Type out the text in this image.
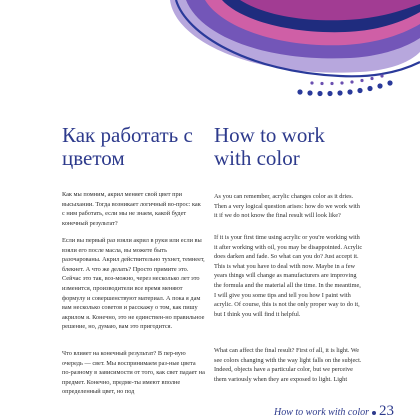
Как работать с цветом
How to work with color

Как мы помним, акрил меняет свой цвет при высыхании. Тогда возникает логичный во-прос: как с ним работать, если мы не знаем, какой будет конечный результат?

Если вы первый раз взяли акрил в руки или если вы взяли его после масла, вы можете быть разочарованы. Акрил действительно тухнет, темнеет, блекнет. А что же делать? Просто примите это. Сейчас это так, воз-можно, через несколько лет это изменится, производители все время меняют формулу и совершенствуют материал. А пока я дам вам несколько советов и расскажу о том, как пишу акрилом я. Конечно, это не единствен-но правильное решение, но, думаю, вам это пригодится.

Что влияет на конечный результат? В пер-вую очередь — свет. Мы воспринимаем раз-ные цвета по-разному в зависимости от того, как свет падает на предмет. Конечно, предме-ты имеют вполне определенный цвет, но под

As you can remember, acrylic changes color as it dries. Then a very logical question arises: how do we work with it if we do not know the final result will look like?

If it is your first time using acrylic or you're working with it after working with oil, you may be disappointed. Acrylic does darken and fade. So what can you do? Just accept it. This is what you have to deal with now. Maybe in a few years things will change as manufacturers are improving the formula and the material all the time. In the meantime, I will give you some tips and tell you how I paint with acrylic. Of course, this is not the only proper way to do it, but I think you will find it helpful.

What can affect the final result? First of all, it is light. We see colors changing with the way light falls on the subject. Indeed, objects have a particular color, but we perceive them variously when they are exposed to light. Light

How to work with color 23
